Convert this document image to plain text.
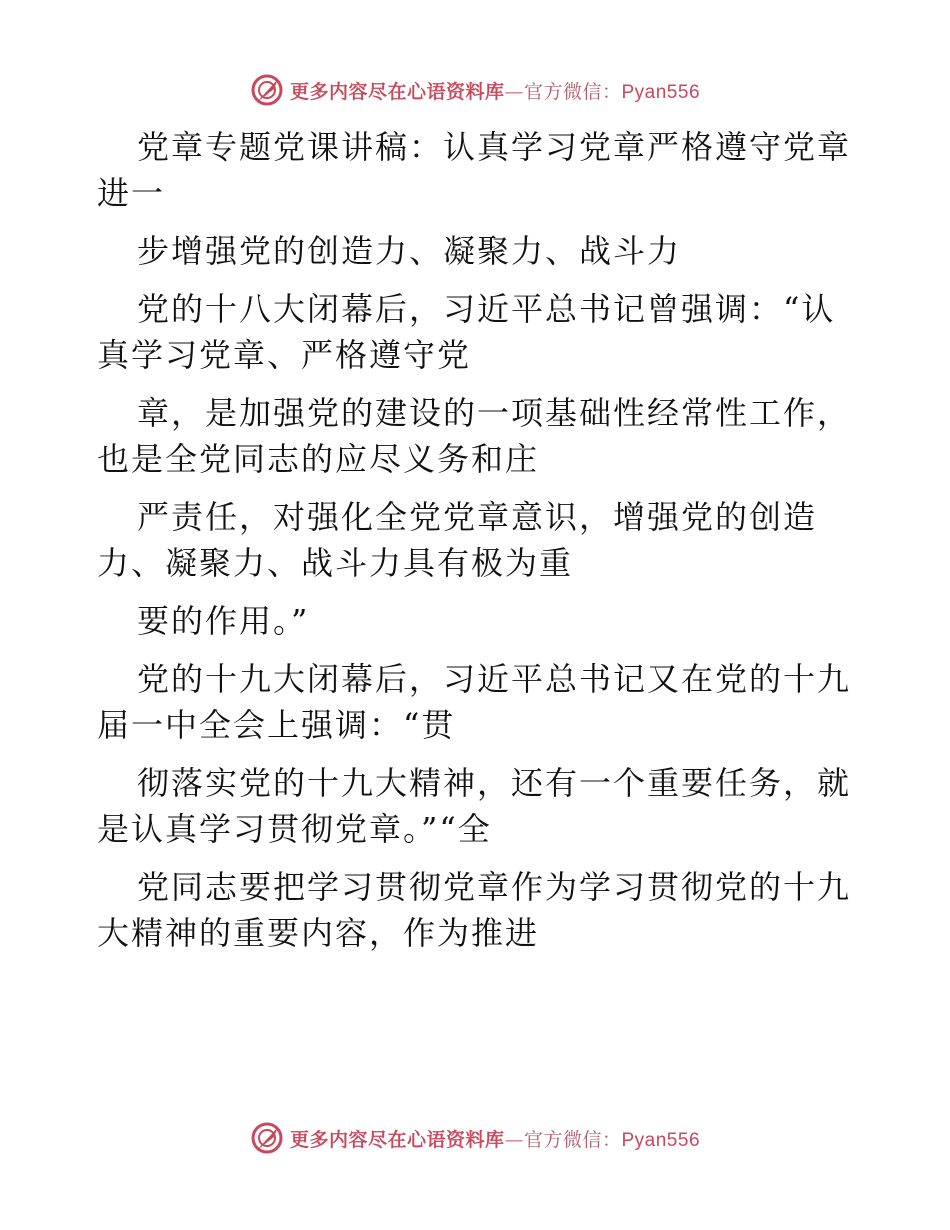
更多内容尽在心语资料库—官方微信：Pyan556
党章专题党课讲稿：认真学习党章严格遵守党章
进一
步增强党的创造力、凝聚力、战斗力
党的十八大闭幕后，习近平总书记曾强调：“认
真学习党章、严格遵守党
章，是加强党的建设的一项基础性经常性工作，
也是全党同志的应尽义务和庄
严责任，对强化全党党章意识，增强党的创造
力、凝聚力、战斗力具有极为重
要的作用。”
党的十九大闭幕后，习近平总书记又在党的十九
届一中全会上强调：“贯
彻落实党的十九大精神，还有一个重要任务，就
是认真学习贯彻党章。”“全
党同志要把学习贯彻党章作为学习贯彻党的十九
大精神的重要内容，作为推进
更多内容尽在心语资料库—官方微信：Pyan556
